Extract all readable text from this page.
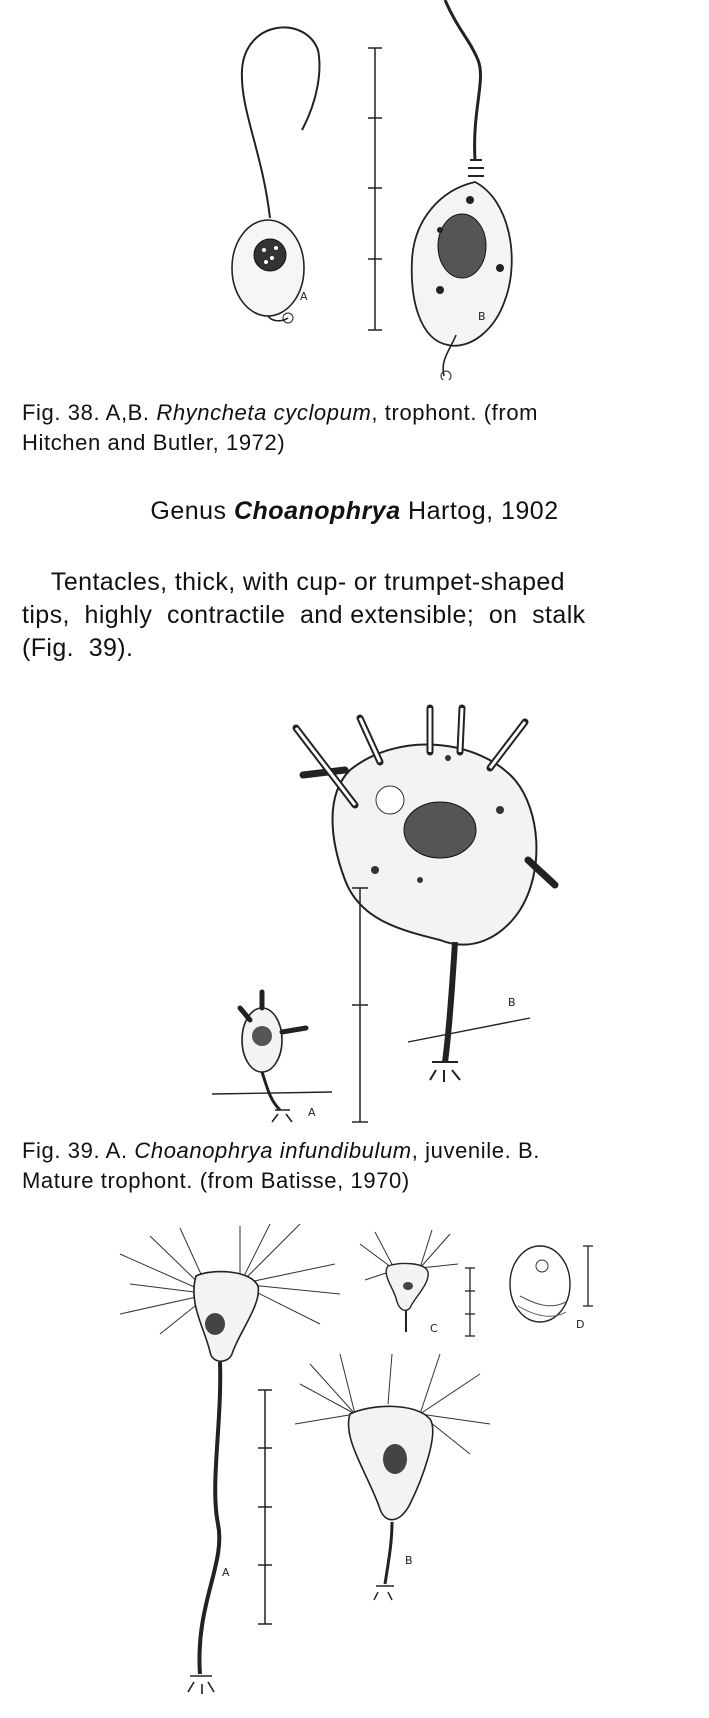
A
B
Fig. 38. A,B. Rhyncheta cyclopum, trophont. (from
Hitchen and Butler, 1972)
Genus Choanophrya Hartog, 1902
Tentacles, thick, with cup- or trumpet-shaped
tips,  highly  contractile  and extensible;  on  stalk
(Fig.  39).
B
A
Fig. 39. A. Choanophrya infundibulum, juvenile. B.
Mature trophont. (from Batisse, 1970)
A
C	D
B
